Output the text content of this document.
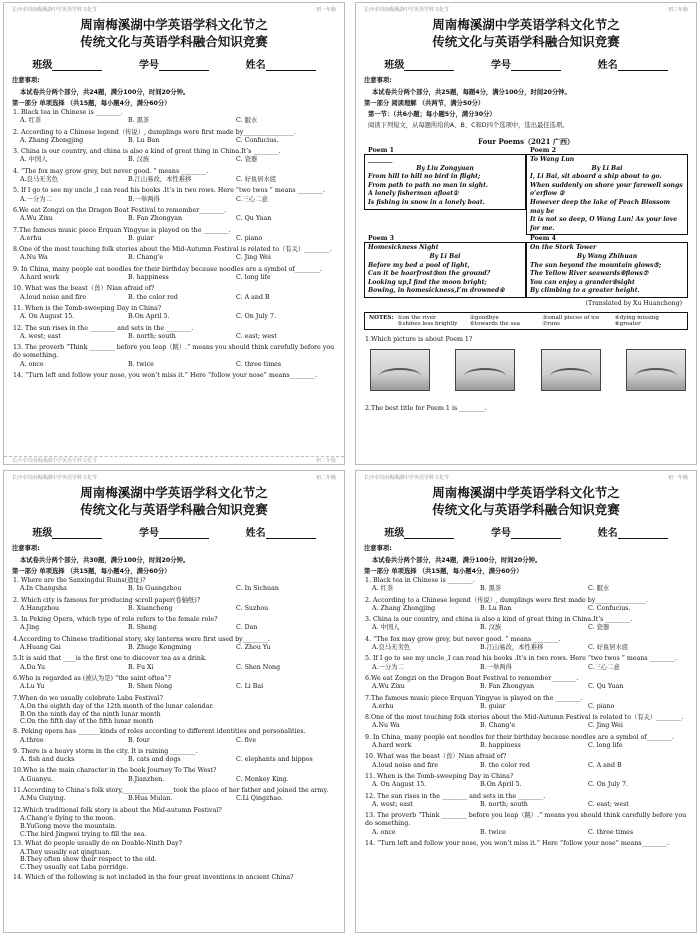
长沙市周南梅溪湖中学英语学科文化节	初一年级
周南梅溪湖中学英语学科文化节之
传统文化与英语学科融合知识竞赛
班级	学号	姓名
注意事项:
本试卷共分两个部分，共24题，满分100分，时间20分钟。
第一部分 单项选择 （共15题，每小题4分，满分60分）
1. Black tea in Chinese is ________.
A. 红茶	B. 黑茶	C. 服水
2. According to a Chinese legend（传说）, dumplings were first made by________________.
A. Zhang Zhongjing	B. Lu Ban	C. Confucius.
3. China is our country, and china is also a kind of great thing in China.It’s ________.
A. 中国人	B. 汉族	C. 瓷器
4. “The fox may grow grey, but never good. ” means ________.
A.良马无劣色	B.江山易改，本性难移	C. 好鱼居水底
5. If I go to see my uncle ,I can read his books .It’s in two rows. Here “two twos ” means ________.
A.一分为二	B.一举两得	C.三心二意
6.We eat Zongzi on the Dragon Boat Festival to remember________.
A.Wu Zixu	B. Fan Zhongyan	C. Qu Yuan
7.The famous music piece Erquan Yingyue is played on the ________.
A.erhu	B. guiar	C. piano
8.One of the most touching folk stories about the Mid-Autumn Festival is related to（有关）________.
A.Nu Wa	B. Chang’e	C. Jing Wei
9. In China, many people eat noodles for their birthday because noodles are a symbol of________.
A.hard work	B. happiness	C. long life
10. What was the beast（兽）Nian afraid of?
A.loud noise and fire	B. the color red	C. A and B
11. When is the Tomb-sweeping Day in China?
A. On August 15.	B.On April 5.	C. On July 7.
12. The sun rises in the ________ and sets in the ________.
A. west; east	B. north; south	C. east; west
13. The proverb “Think ________ before you leap（跳）.” means you should think carefully before you do something.
A. once	B. twice	C. three times
14. “Turn left and follow your nose, you won’t miss it.” Here “follow your nose” means________.
长沙市周南梅溪湖中学英语学科文化节	初二年级
长沙市周南梅溪湖中学英语学科文化节	初三年级
周南梅溪湖中学英语学科文化节之
传统文化与英语学科融合知识竞赛
班级	学号	姓名
注意事项:
本试卷共分两个部分，共25题，每题4分，满分100分，时间20分钟。
第一部分 阅读理解 （共两节，满分50分）
第一节：（共6小题；每小题5分，满分30分）
阅读下列短文，从每题所给的A、B、C和D四个选项中，选出最佳选项。
Four Poems（2021 广西）
Poem 1
________
By Liu Zongyuan
From hill to hill no bird in flight;
From path to path no man in sight.
A lonely fisherman afloat①
Is fishing in snow in a lonely boat.
Poem 2
To Wang Lun
By Li Bai
I, Li Bai, sit aboard a ship about to go.
When suddenly on shore your farewell songs o’erflow ②
However deep the lake of Peach Blossom may be
It is not so deep, O Wang Lun! As your love for me.
Poem 3
Homesickness Night
By Li Bai
Before my bed a pool of light,
Can it be hoarfrost③on the ground?
Looking up,I find the moon bright;
Bowing, in homesickness,I’m drowned④
Poem 4
On the Stork Tower
By Wang Zhihuan
The sun beyond the mountain glows⑤;
The Yellow River seawards⑥flows⑦
You can enjoy a grander⑧sight
By climbing to a greater height.
(Translated by Xu Huanchong)
NOTES: ①on the river	②goodbye	③small pieces of ice	④dying missing
⑤shines less brightly	⑥towards the sea	⑦runs	⑧greater
1.Which picture is about Poem 1?
2.The best title for Poem 1 is ________.
长沙市周南梅溪湖中学英语学科文化节	初二年级
周南梅溪湖中学英语学科文化节之
传统文化与英语学科融合知识竞赛
班级	学号	姓名
注意事项:
本试卷共分两个部分，共30题，满分100分，时间20分钟。
第一部分 单项选择 （共15题，每小题4分，满分60分）
1. Where are the Sanxingdui Ruins(遗址)?
A.In Changsha	B. In Guangzhou	C. In Sichuan
2. Which city is famous for producing scroll paper(卷轴纸)?
A.Hangzhou	B. Xuancheng	C. Suzhou
3. In Peking Opera, which type of role refers to the female role?
A.Jing	B. Sheng	C. Dan
4.According to Chinese traditional story, sky lanterns were first used by________.
A.Huang Gai	B. Zhuge Kongming	C. Zhou Yu
5.It is said that ____is the first one to discover tea as a drink.
A.Da Yu	B. Fu Xi	C. Shen Nong
6.Who is regarded as (被认为是) “the saint oftea”?
A.Lu Yu	B. Shen Nong	C. Li Bai
7.When do we usually celebrate Laba Festival?
A.On the eighth day of the 12th month of the lunar calendar.
B.On the ninth day of the ninth lunar month
C.On the fifth day of the fifth lunar month
8. Peking opera has _______kinds of roles according to different identities and personalities.
A.three	B. four	C. five
9. There is a heavy storm in the city. It is raining ________.
A. fish and ducks	B. cats and dogs	C. elephants and hippos
10.Who is the main character in the book Journey To The West?
A.Guanyu.	B.Jianzhen.	C. Monkey King.
11.According to China’s folk story,________________took the place of her father and joined the army.
A.Mu Guiying.	B.Hua Mulan.	C.Li Qingzhao.
12.Which traditional folk story is about the Mid-autumn Festival?
A.Chang’e flying to the moon.
B.YuGong move the mountain.
C.The bird Jingwei trying to fill the sea.
13. What do people usually do on Double-Ninth Day?
A.They usually eat qingtuan.
B.They often show their respect to the old.
C.They usually eat Laba porridge.
14. Which of the following is not included in the four great inventions in ancient China?
长沙市周南梅溪湖中学英语学科文化节	初一年级
周南梅溪湖中学英语学科文化节之
传统文化与英语学科融合知识竞赛
班级	学号	姓名
注意事项:
本试卷共分两个部分，共24题，满分100分，时间20分钟。
第一部分 单项选择 （共15题，每小题4分，满分60分）
1. Black tea in Chinese is ________.
A. 红茶	B. 黑茶	C. 服水
2. According to a Chinese legend（传说）, dumplings were first made by________________.
A. Zhang Zhongjing	B. Lu Ban	C. Confucius.
3. China is our country, and china is also a kind of great thing in China.It’s ________.
A. 中国人	B. 汉族	C. 瓷器
4. “The fox may grow grey, but never good. ” means ________.
A.良马无劣色	B.江山易改，本性难移	C. 好鱼居水底
5. If I go to see my uncle ,I can read his books .It’s in two rows. Here “two twos ” means ________.
A.一分为二	B.一举两得	C.三心二意
6.We eat Zongzi on the Dragon Boat Festival to remember________.
A.Wu Zixu	B. Fan Zhongyan	C. Qu Yuan
7.The famous music piece Erquan Yingyue is played on the ________.
A.erhu	B. guiar	C. piano
8.One of the most touching folk stories about the Mid-Autumn Festival is related to（有关）________.
A.Nu Wa	B. Chang’e	C. Jing Wei
9. In China, many people eat noodles for their birthday because noodles are a symbol of________.
A.hard work	B. happiness	C. long life
10. What was the beast（兽）Nian afraid of?
A.loud noise and fire	B. the color red	C. A and B
11. When is the Tomb-sweeping Day in China?
A. On August 15.	B.On April 5.	C. On July 7.
12. The sun rises in the ________ and sets in the ________.
A. west; east	B. north; south	C. east; west
13. The proverb “Think ________ before you leap（跳）.” means you should think carefully before you do something.
A. once	B. twice	C. three times
14. “Turn left and follow your nose, you won’t miss it.” Here “follow your nose” means________.
